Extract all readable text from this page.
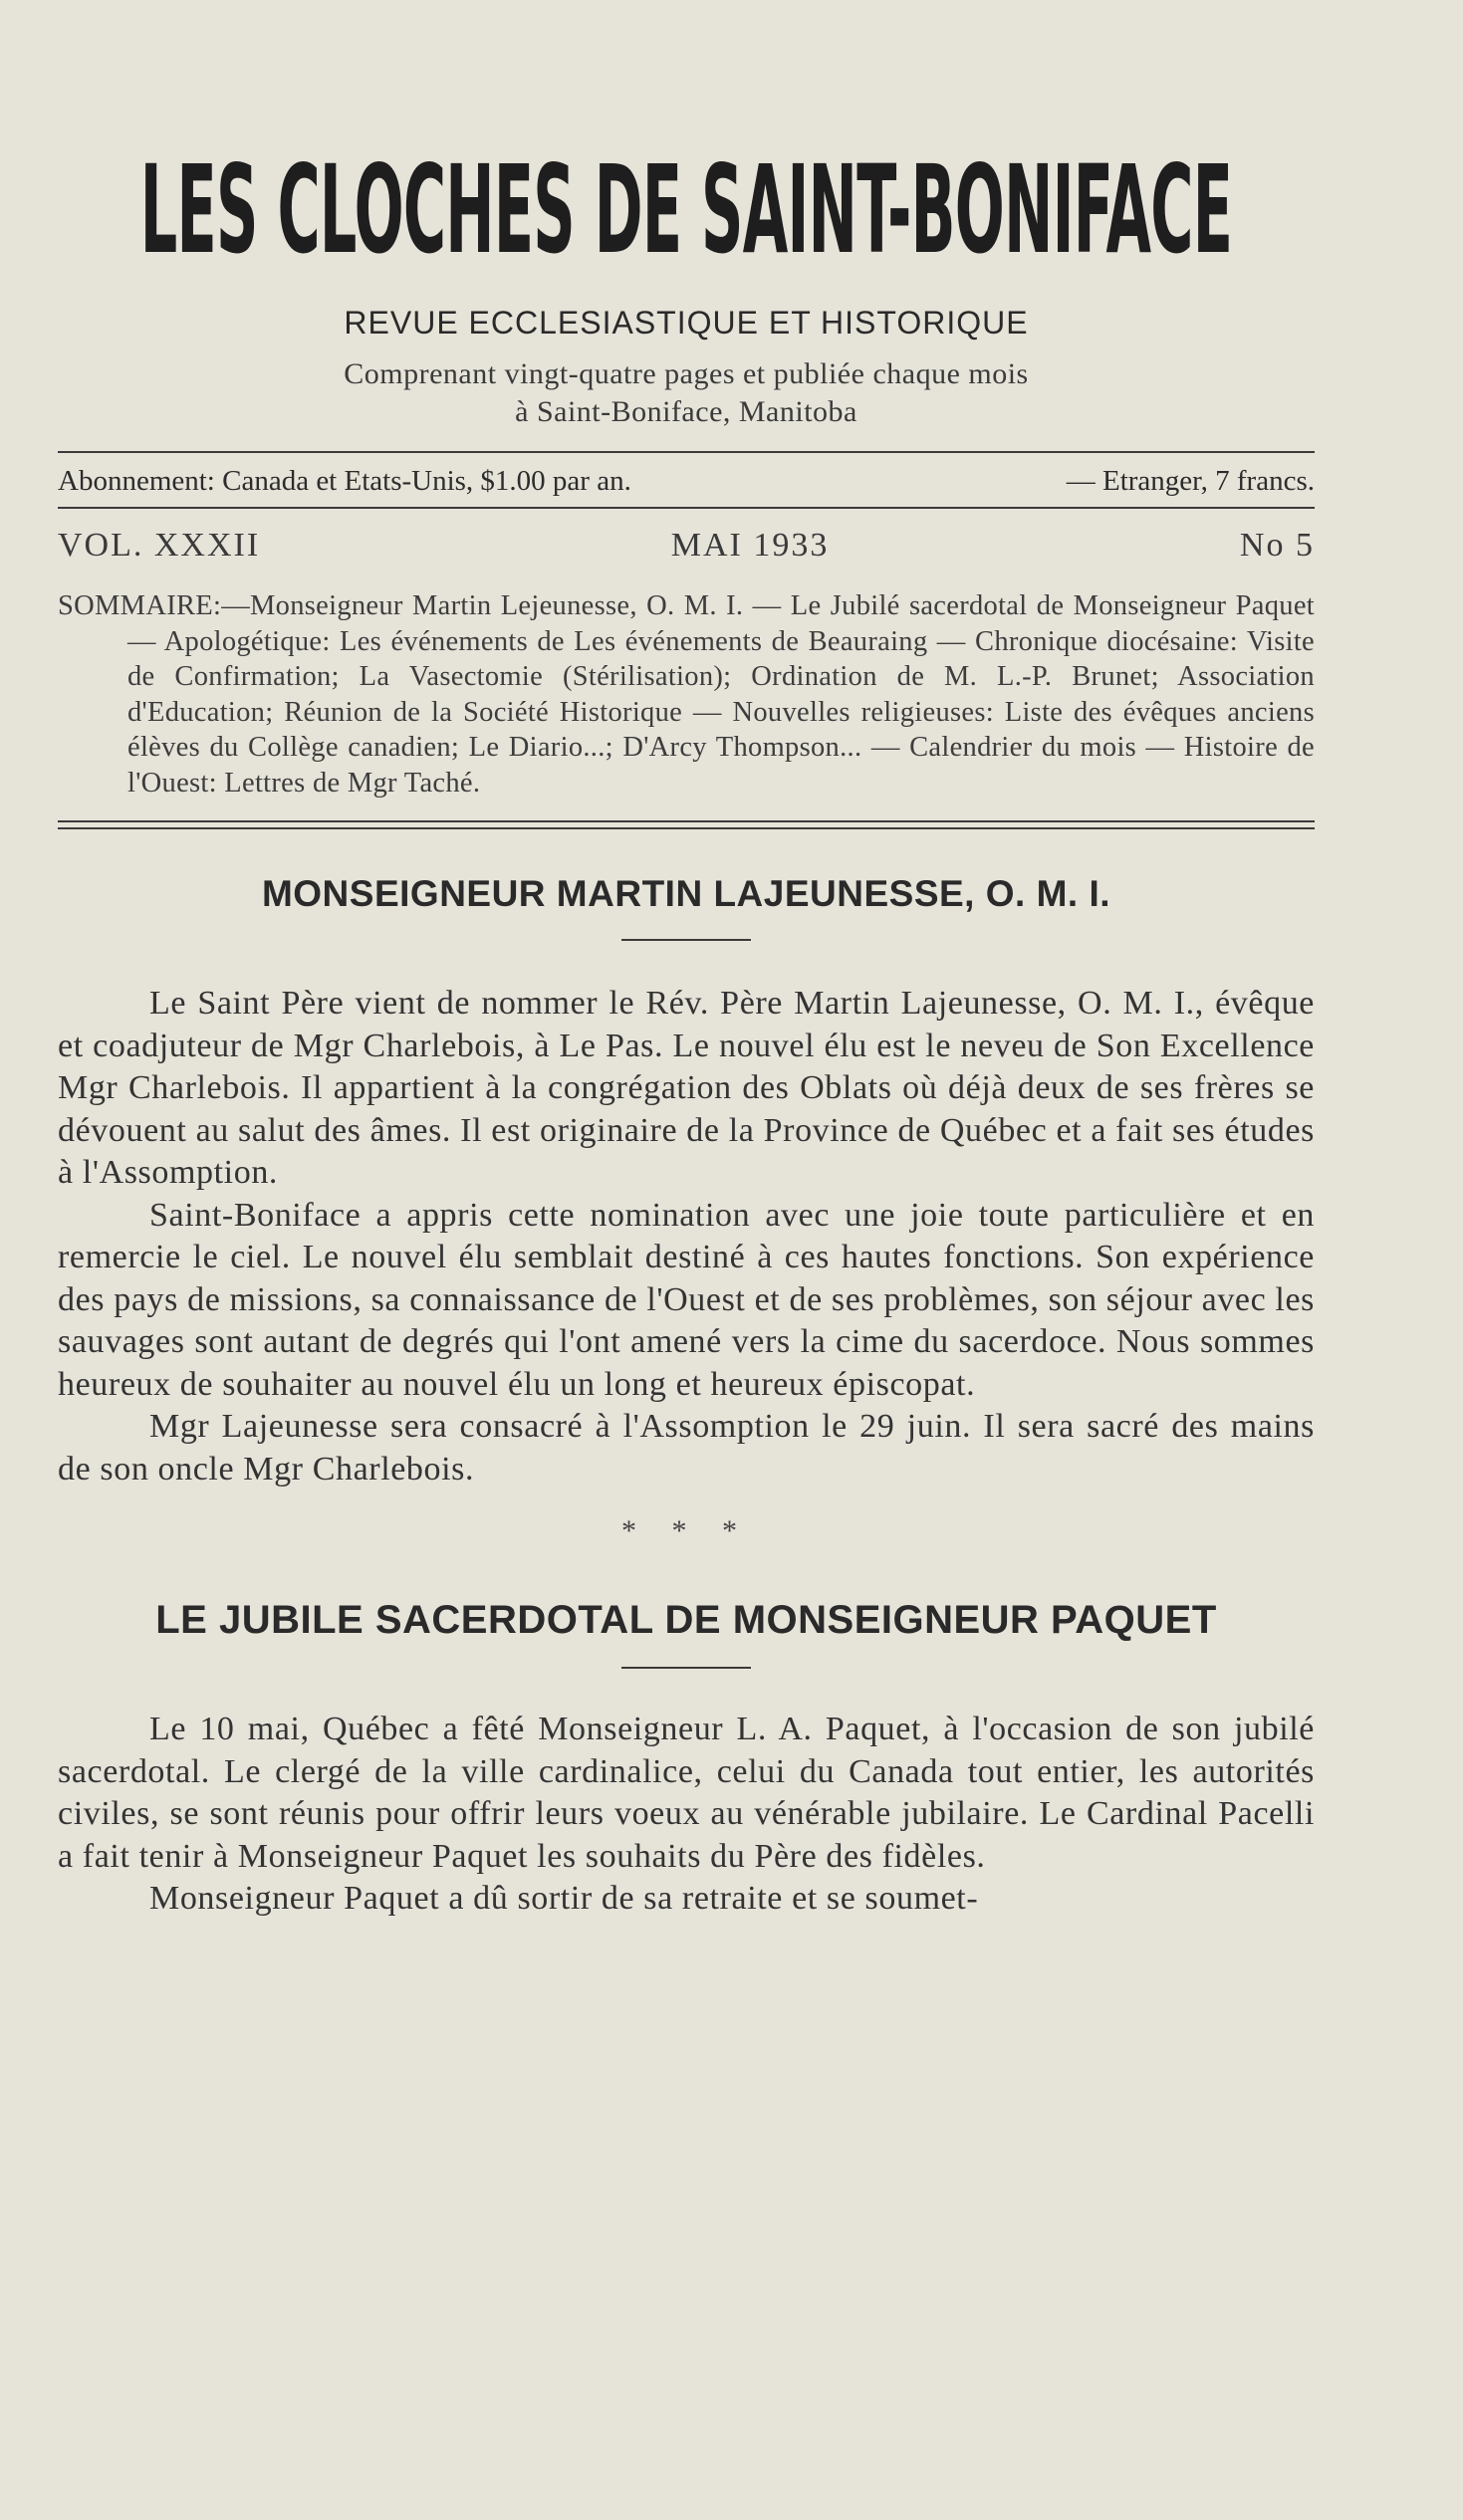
LES CLOCHES DE SAINT-BONIFACE
REVUE ECCLESIASTIQUE ET HISTORIQUE
Comprenant vingt-quatre pages et publiée chaque mois
à Saint-Boniface, Manitoba
Abonnement: Canada et Etats-Unis, $1.00 par an.	— Etranger, 7 francs.
VOL. XXXII	MAI 1933	No 5
SOMMAIRE:—Monseigneur Martin Lejeunesse, O. M. I. — Le Jubilé sacerdotal de Monseigneur Paquet — Apologétique: Les événements de Les événements de Beauraing — Chronique diocésaine: Visite de Confirmation; La Vasectomie (Stérilisation); Ordination de M. L.-P. Brunet; Association d'Education; Réunion de la Société Historique — Nouvelles religieuses: Liste des évêques anciens élèves du Collège canadien; Le Diario...; D'Arcy Thompson... — Calendrier du mois — Histoire de l'Ouest: Lettres de Mgr Taché.
MONSEIGNEUR MARTIN LAJEUNESSE, O. M. I.

Le Saint Père vient de nommer le Rév. Père Martin Lajeunesse, O. M. I., évêque et coadjuteur de Mgr Charlebois, à Le Pas. Le nouvel élu est le neveu de Son Excellence Mgr Charlebois. Il appartient à la congrégation des Oblats où déjà deux de ses frères se dévouent au salut des âmes. Il est originaire de la Province de Québec et a fait ses études à l'Assomption.

Saint-Boniface a appris cette nomination avec une joie toute particulière et en remercie le ciel. Le nouvel élu semblait destiné à ces hautes fonctions. Son expérience des pays de missions, sa connaissance de l'Ouest et de ses problèmes, son séjour avec les sauvages sont autant de degrés qui l'ont amené vers la cime du sacerdoce. Nous sommes heureux de souhaiter au nouvel élu un long et heureux épiscopat.

Mgr Lajeunesse sera consacré à l'Assomption le 29 juin. Il sera sacré des mains de son oncle Mgr Charlebois.

* * *
LE JUBILE SACERDOTAL DE MONSEIGNEUR PAQUET

Le 10 mai, Québec a fêté Monseigneur L. A. Paquet, à l'occasion de son jubilé sacerdotal. Le clergé de la ville cardinalice, celui du Canada tout entier, les autorités civiles, se sont réunis pour offrir leurs voeux au vénérable jubilaire. Le Cardinal Pacelli a fait tenir à Monseigneur Paquet les souhaits du Père des fidèles.

Monseigneur Paquet a dû sortir de sa retraite et se soumet-
